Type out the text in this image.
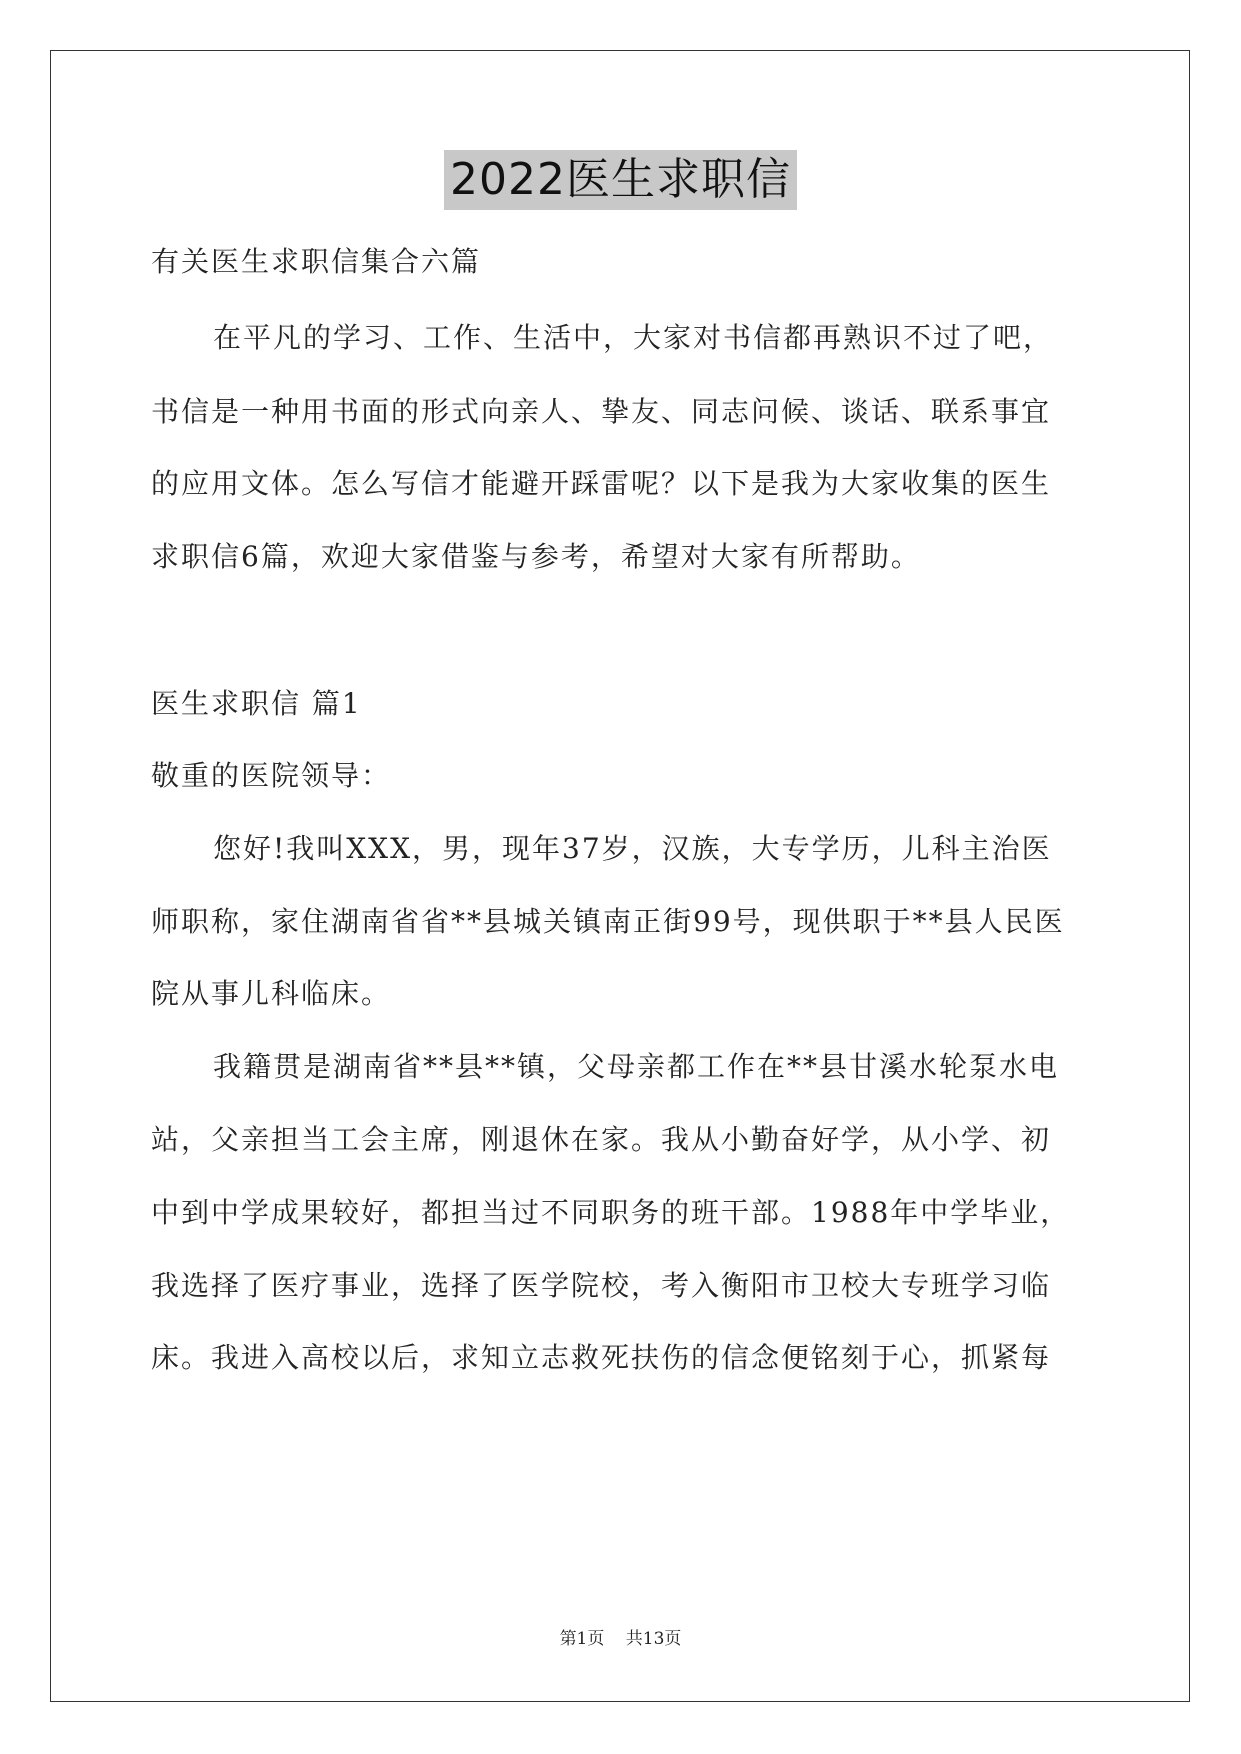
2022医生求职信
有关医生求职信集合六篇
在平凡的学习、工作、生活中，大家对书信都再熟识不过了吧，
书信是一种用书面的形式向亲人、挚友、同志问候、谈话、联系事宜
的应用文体。怎么写信才能避开踩雷呢？以下是我为大家收集的医生
求职信6篇，欢迎大家借鉴与参考，希望对大家有所帮助。
医生求职信 篇1
敬重的医院领导：
您好!我叫XXX，男，现年37岁，汉族，大专学历，儿科主治医
师职称，家住湖南省省**县城关镇南正街99号，现供职于**县人民医
院从事儿科临床。
我籍贯是湖南省**县**镇，父母亲都工作在**县甘溪水轮泵水电
站，父亲担当工会主席，刚退休在家。我从小勤奋好学，从小学、初
中到中学成果较好，都担当过不同职务的班干部。1988年中学毕业，
我选择了医疗事业，选择了医学院校，考入衡阳市卫校大专班学习临
床。我进入高校以后，求知立志救死扶伤的信念便铭刻于心，抓紧每
第1页 共13页
